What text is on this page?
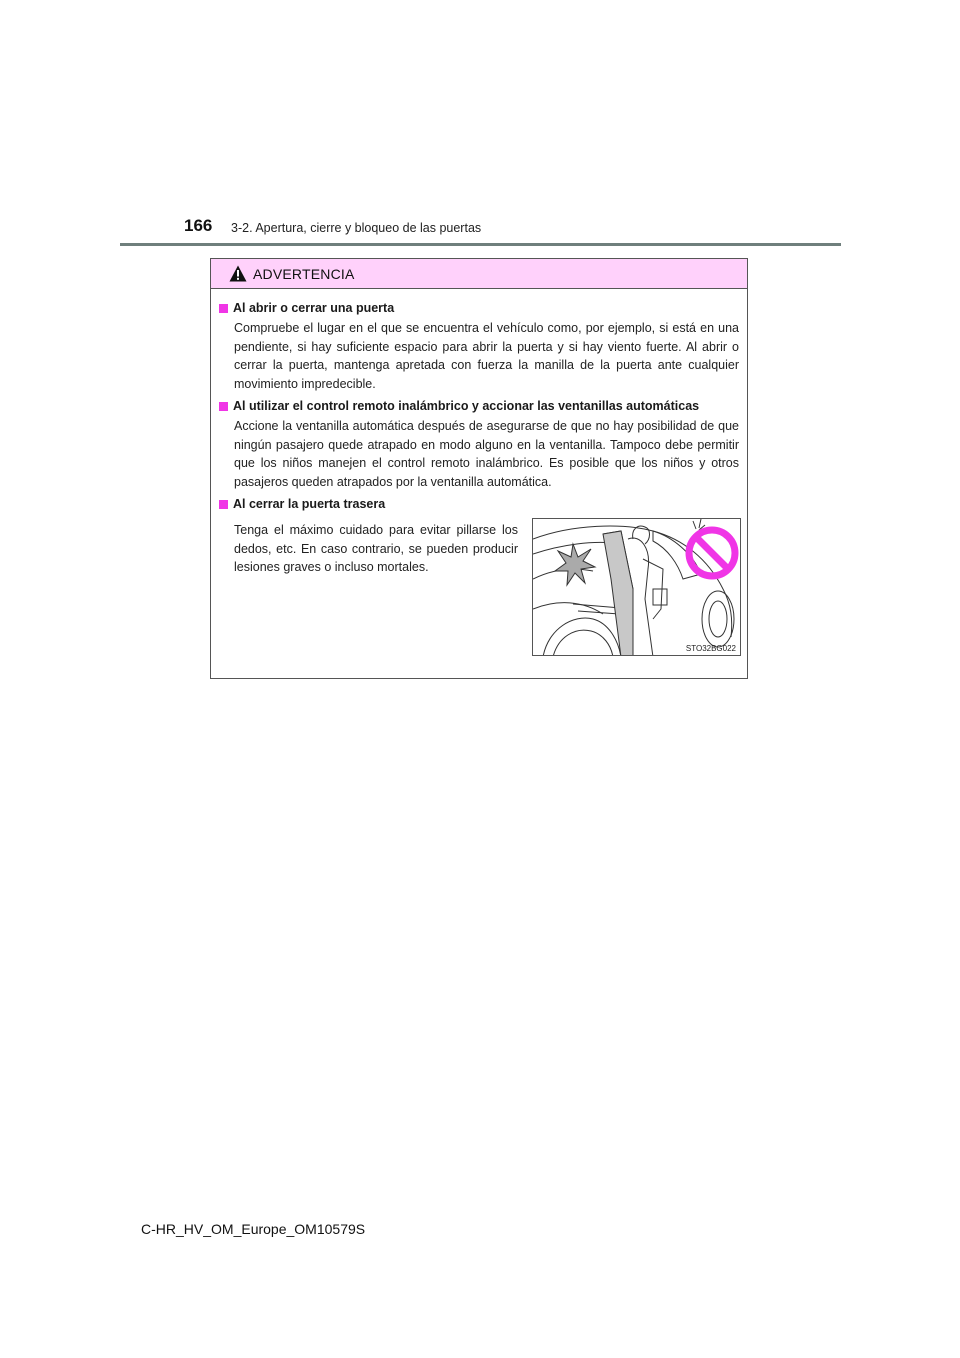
166 3-2. Apertura, cierre y bloqueo de las puertas
ADVERTENCIA
Al abrir o cerrar una puerta
Compruebe el lugar en el que se encuentra el vehículo como, por ejemplo, si está en una pendiente, si hay suficiente espacio para abrir la puerta y si hay viento fuerte. Al abrir o cerrar la puerta, mantenga apretada con fuerza la manilla de la puerta ante cualquier movimiento impredecible.
Al utilizar el control remoto inalámbrico y accionar las ventanillas automáticas
Accione la ventanilla automática después de asegurarse de que no hay posibilidad de que ningún pasajero quede atrapado en modo alguno en la ventanilla. Tampoco debe permitir que los niños manejen el control remoto inalámbrico. Es posible que los niños y otros pasajeros queden atrapados por la ventanilla automática.
Al cerrar la puerta trasera
Tenga el máximo cuidado para evitar pillarse los dedos, etc. En caso contrario, se pueden producir lesiones graves o incluso mortales.
STO32BG022
C-HR_HV_OM_Europe_OM10579S
